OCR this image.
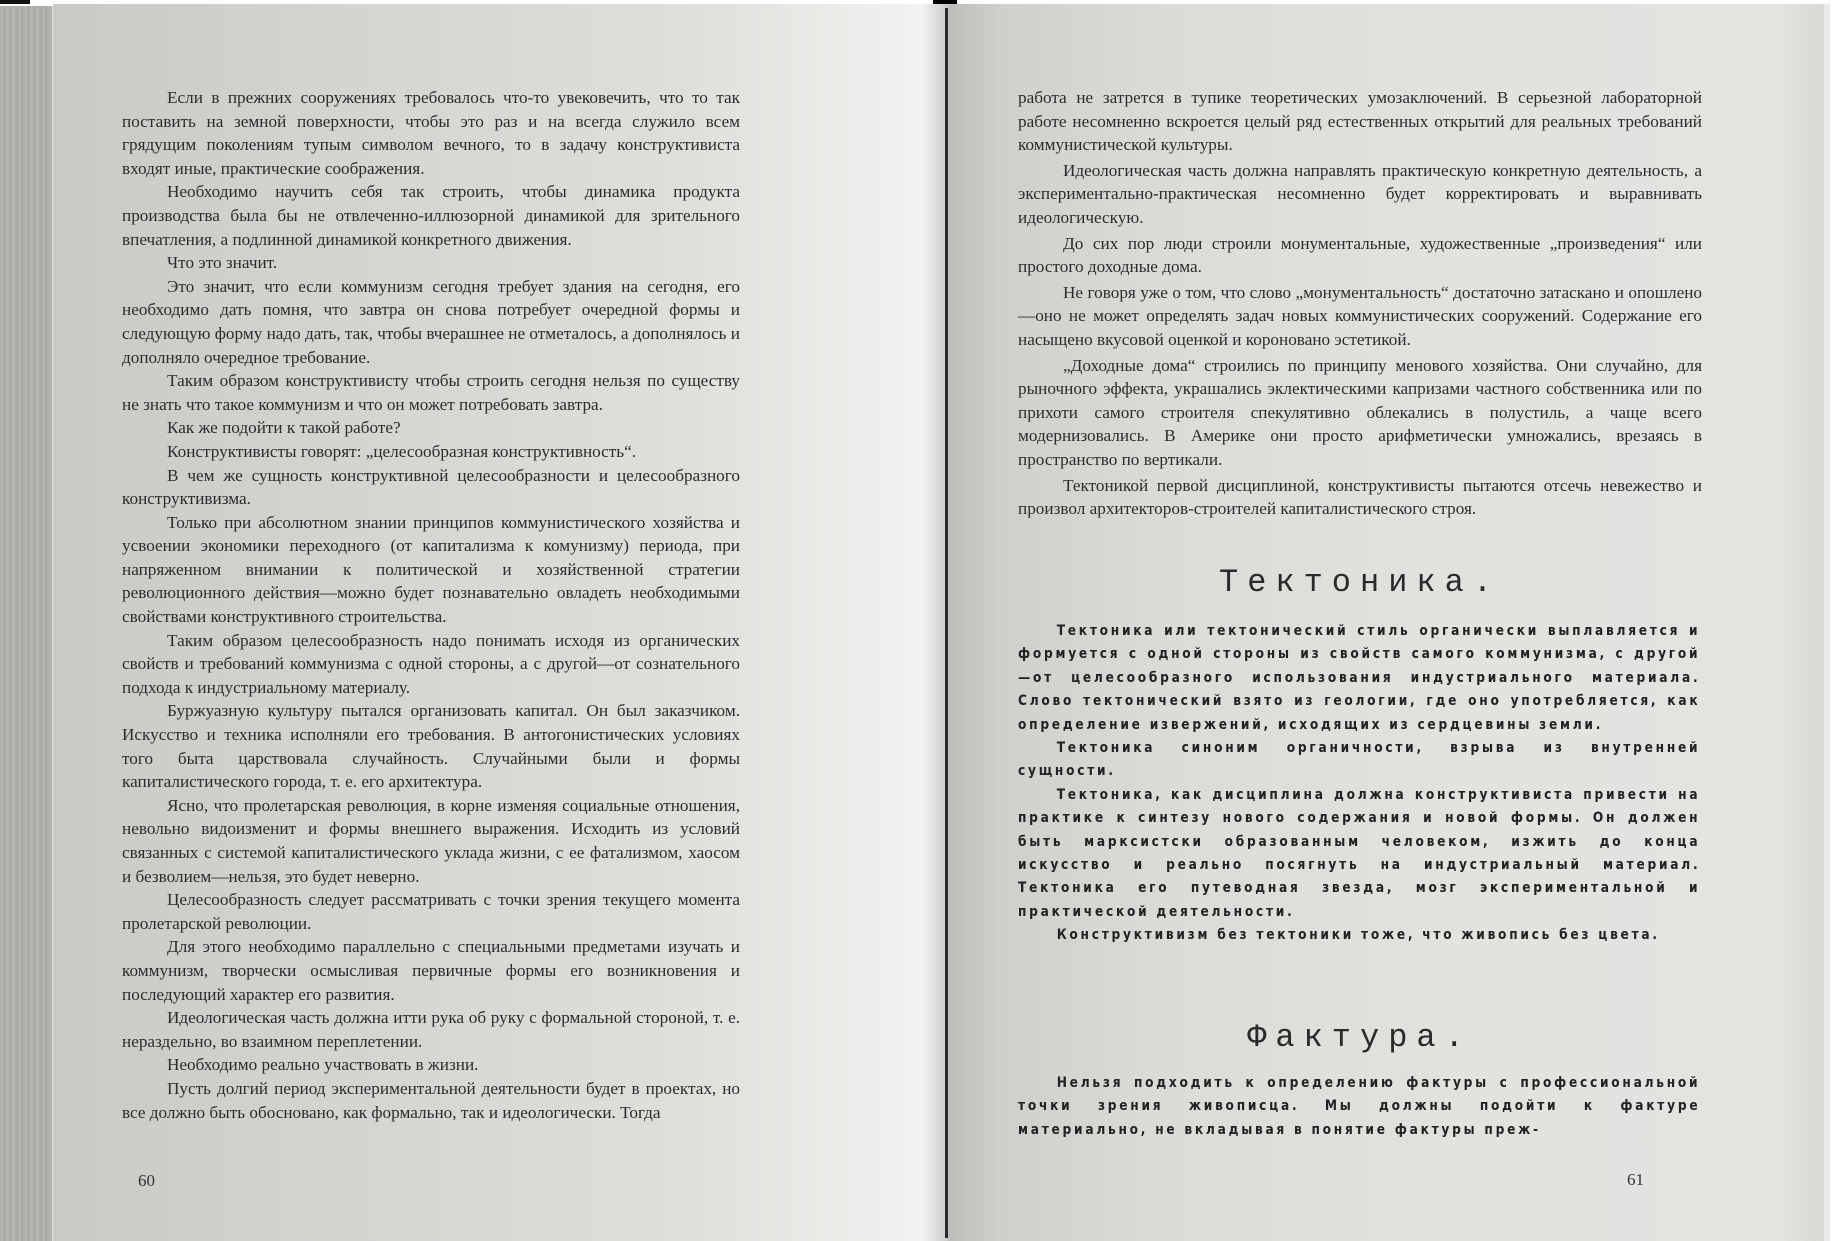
Если в прежних сооружениях требовалось что-то увековечить, что то так поставить на земной поверхности, чтобы это раз и на всегда служило всем грядущим поколениям тупым символом вечного, то в задачу конструктивиста входят иные, практические соображения.

Необходимо научить себя так строить, чтобы динамика продукта производства была бы не отвлеченно-иллюзорной динамикой для зрительного впечатления, а подлинной динамикой конкретного движения.

Что это значит.

Это значит, что если коммунизм сегодня требует здания на сегодня, его необходимо дать помня, что завтра он снова потребует очередной формы и следующую форму надо дать, так, чтобы вчерашнее не отметалось, а дополнялось и дополняло очередное требование.

Таким образом конструктивисту чтобы строить сегодня нельзя по существу не знать что такое коммунизм и что он может потребовать завтра.

Как же подойти к такой работе?

Конструктивисты говорят: „целесообразная конструктивность“.

В чем же сущность конструктивной целесообразности и целесообразного конструктивизма.

Только при абсолютном знании принципов коммунистического хозяйства и усвоении экономики переходного (от капитализма к комунизму) периода, при напряженном внимании к политической и хозяйственной стратегии революционного действия—можно будет познавательно овладеть необходимыми свойствами конструктивного строительства.

Таким образом целесообразность надо понимать исходя из органических свойств и требований коммунизма с одной стороны, а с другой—от сознательного подхода к индустриальному материалу.

Буржуазную культуру пытался организовать капитал. Он был заказчиком. Искусство и техника исполняли его требования. В антогонистических условиях того быта царствовала случайность. Случайными были и формы капиталистического города, т. е. его архитектура.

Ясно, что пролетарская революция, в корне изменяя социальные отношения, невольно видоизменит и формы внешнего выражения. Исходить из условий связанных с системой капиталистического уклада жизни, с ее фатализмом, хаосом и безволием—нельзя, это будет неверно.

Целесообразность следует рассматривать с точки зрения текущего момента пролетарской революции.

Для этого необходимо параллельно с специальными предметами изучать и коммунизм, творчески осмысливая первичные формы его возникновения и последующий характер его развития.

Идеологическая часть должна итти рука об руку с формальной стороной, т. е. нераздельно, во взаимном переплетении.

Необходимо реально участвовать в жизни.

Пусть долгий период экспериментальной деятельности будет в проектах, но все должно быть обосновано, как формально, так и идеологически. Тогда

60

работа не затрется в тупике теоретических умозаключений. В серьезной лабораторной работе несомненно вскроется целый ряд естественных открытий для реальных требований коммунистической культуры.

Идеологическая часть должна направлять практическую конкретную деятельность, а экспериментально-практическая несомненно будет корректировать и выравнивать идеологическую.

До сих пор люди строили монументальные, художественные „произведения“ или простого доходные дома.

Не говоря уже о том, что слово „монументальность“ достаточно затаскано и опошлено—оно не может определять задач новых коммунистических сооружений. Содержание его насыщено вкусовой оценкой и короновано эстетикой.

„Доходные дома“ строились по принципу менового хозяйства. Они случайно, для рыночного эффекта, украшались эклектическими капризами частного собственника или по прихоти самого строителя спекулятивно облекались в полустиль, а чаще всего модернизовались. В Америке они просто арифметически умножались, врезаясь в пространство по вертикали.

Тектоникой первой дисциплиной, конструктивисты пытаются отсечь невежество и произвол архитекторов-строителей капиталистического строя.

Тектоника.

Тектоника или тектонический стиль органически выплавляется и формуется с одной стороны из свойств самого коммунизма, с другой—от целесообразного использования индустриального материала. Слово тектонический взято из геологии, где оно употребляется, как определение извержений, исходящих из сердцевины земли.

Тектоника синоним органичности, взрыва из внутренней сущности.

Тектоника, как дисциплина должна конструктивиста привести на практике к синтезу нового содержания и новой формы. Он должен быть марксистски образованным человеком, изжить до конца искусство и реально посягнуть на индустриальный материал. Тектоника его путеводная звезда, мозг экспериментальной и практической деятельности.

Конструктивизм без тектоники тоже, что живопись без цвета.

Фактура.

Нельзя подходить к определению фактуры с профессиональной точки зрения живописца. Мы должны подойти к фактуре материально, не вкладывая в понятие фактуры преж-

61
